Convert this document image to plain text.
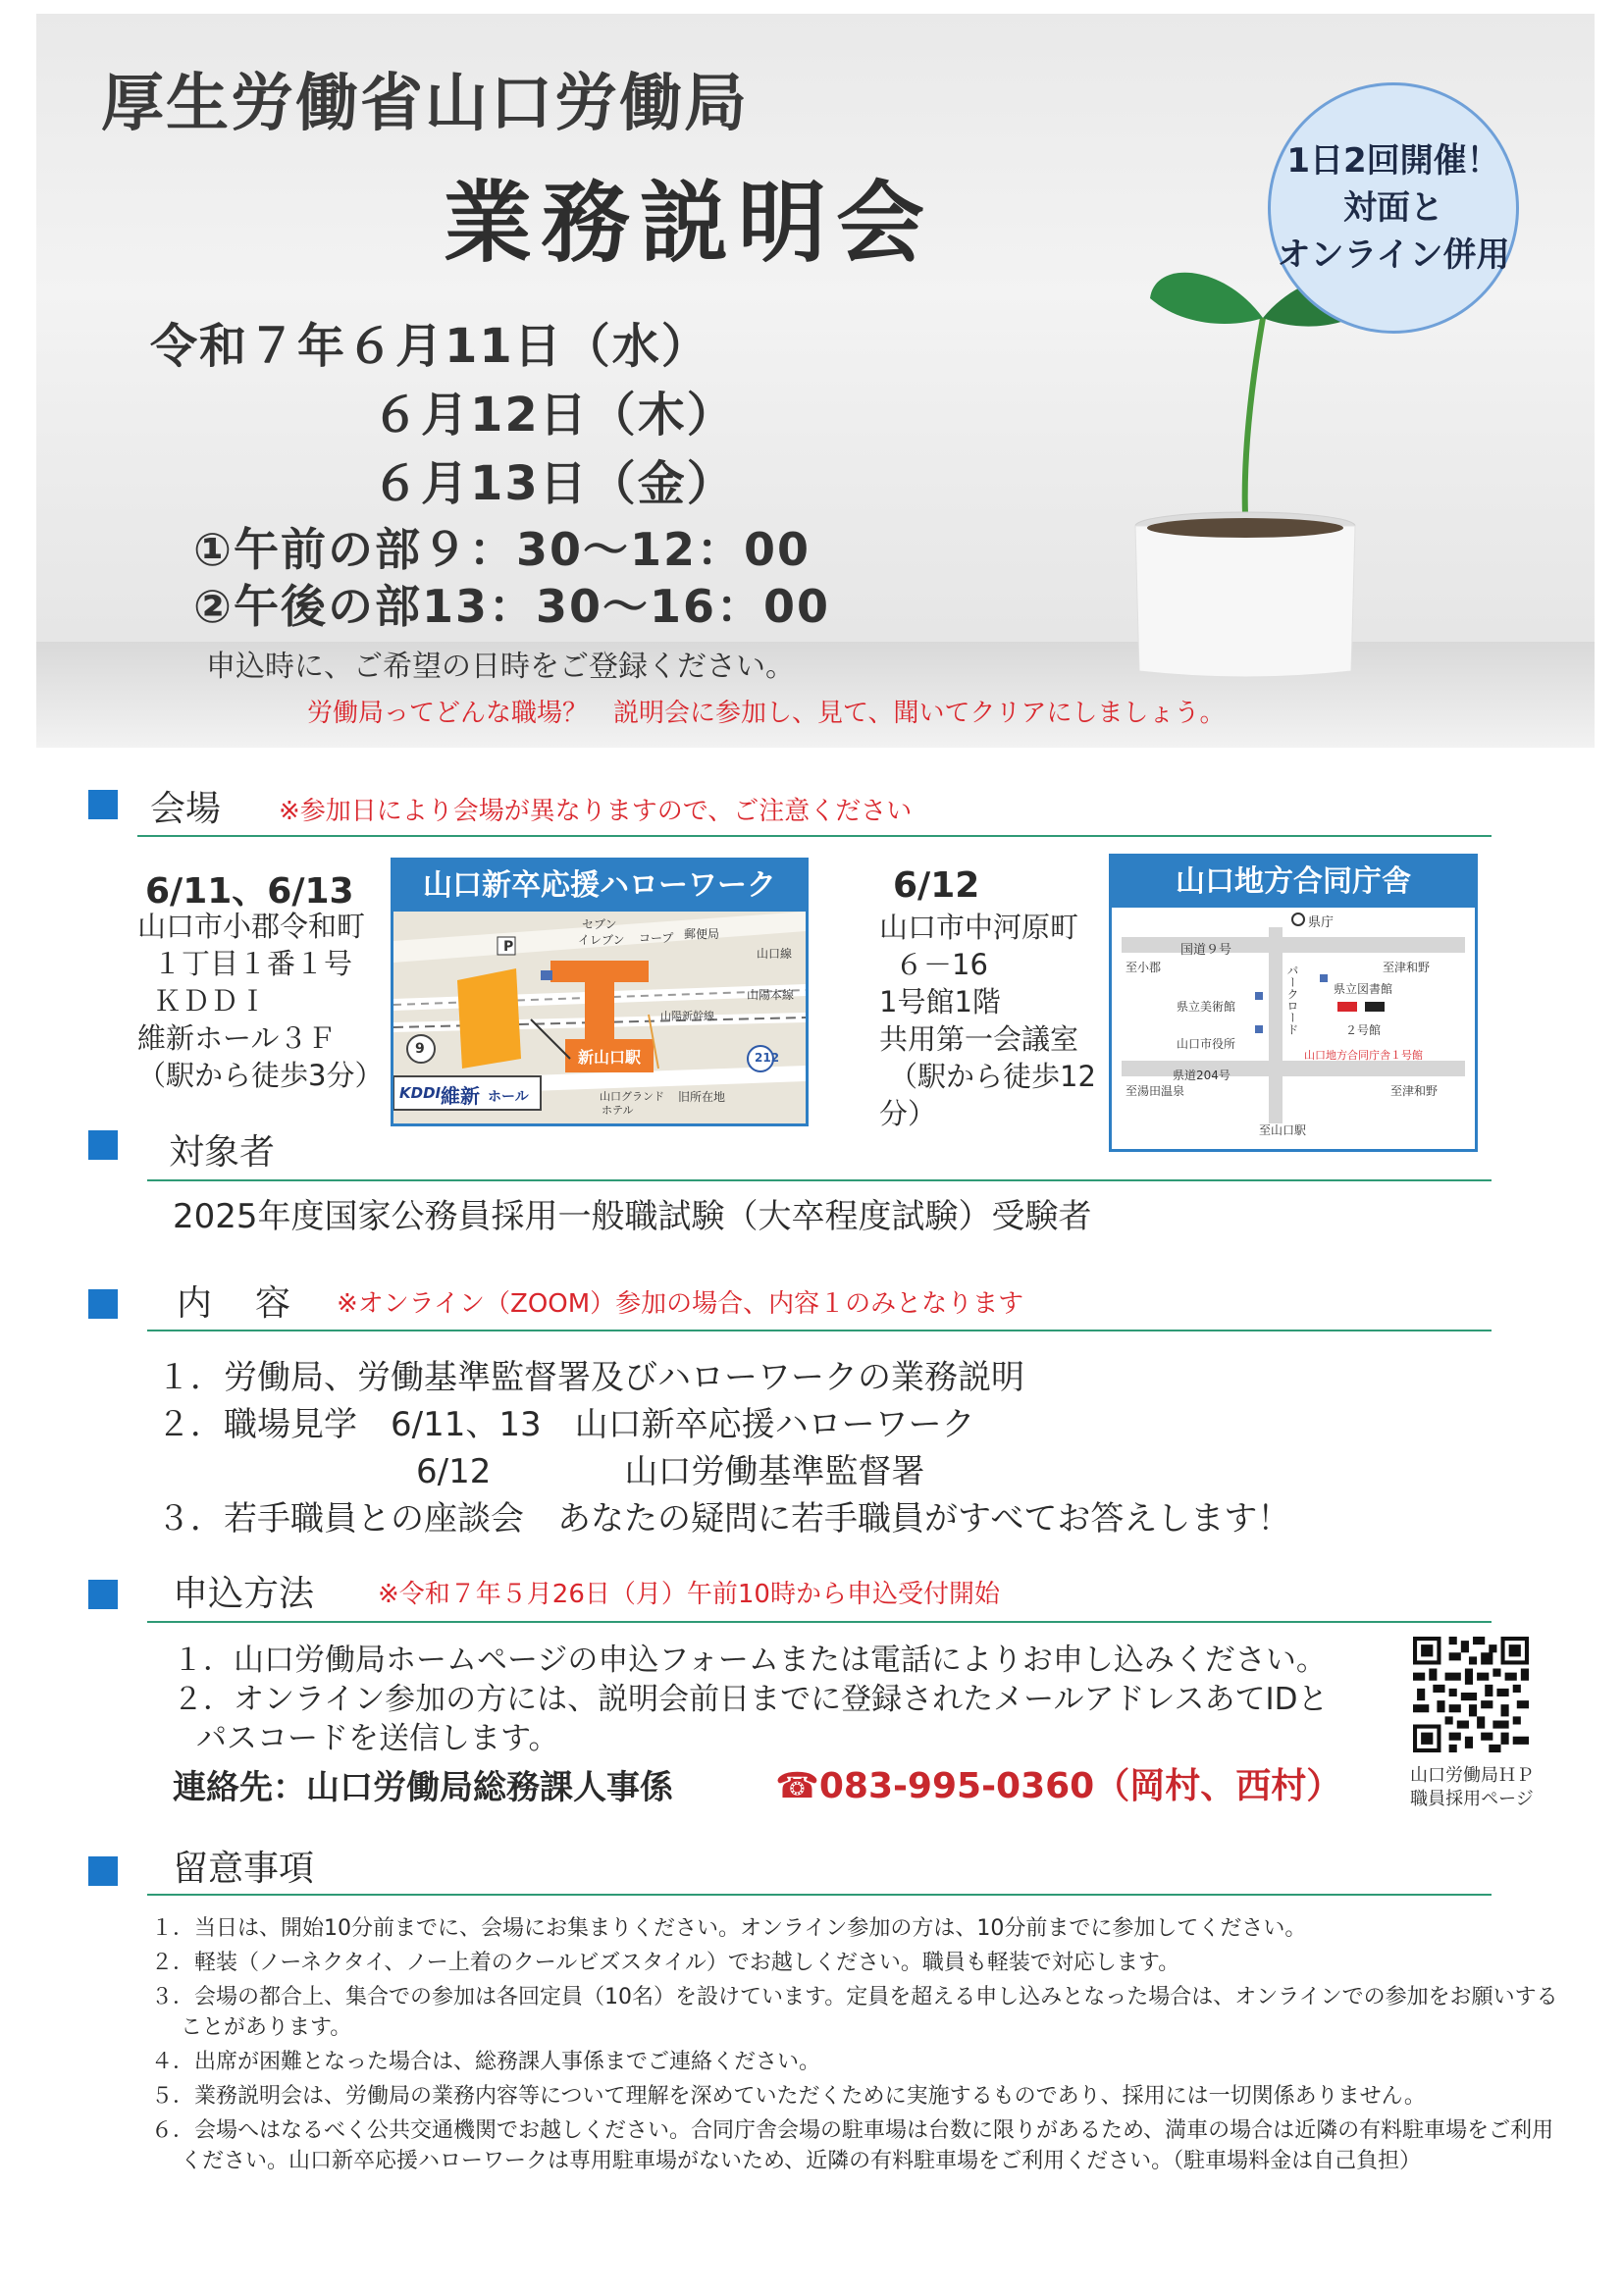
厚生労働省山口労働局
業務説明会
令和７年６月11日（水）
６月12日（木）
６月13日（金）
①午前の部９：30～12：00
②午後の部13：30～16：00
申込時に、ご希望の日時をご登録ください。
労働局ってどんな職場？　説明会に参加し、見て、聞いてクリアにしましょう。
1日2回開催！
対面と
オンライン併用
会場 ※参加日により会場が異なりますので、ご注意ください
6/11、6/13
山口市小郡令和町
１丁目１番１号
ＫＤＤＩ
維新ホール３Ｆ
（駅から徒歩3分）
山口新卒応援ハローワーク
P
9
212
セブン
イレブン コープ 郵便局
山口線
山陽新幹線
山陽本線
新山口駅
山口グランド
ホテル
旧所在地
KDDI 維新 ホール
6/12
山口市中河原町
６－16
1号館1階
共用第一会議室
（駅から徒歩12
分）
山口地方合同庁舎
県庁
国道９号
至小郡	至津和野
パークロード	県立図書館
県立美術館
２号館
山口市役所
山口地方合同庁舎１号館
県道204号
至湯田温泉	至津和野
至山口駅
対象者
2025年度国家公務員採用一般職試験（大卒程度試験）受験者
内　容 ※オンライン（ZOOM）参加の場合、内容１のみとなります
１．労働局、労働基準監督署及びハローワークの業務説明
２．職場見学　6/11、13　山口新卒応援ハローワーク
6/12　　　　山口労働基準監督署
３．若手職員との座談会　あなたの疑問に若手職員がすべてお答えします！
申込方法 ※令和７年５月26日（月）午前10時から申込受付開始
１．山口労働局ホームページの申込フォームまたは電話によりお申し込みください。
２．オンライン参加の方には、説明会前日までに登録されたメールアドレスあてIDと
パスコードを送信します。
連絡先：山口労働局総務課人事係	☎083-995-0360（岡村、西村）	山口労働局ＨＰ
職員採用ページ
留意事項
１．当日は、開始10分前までに、会場にお集まりください。オンライン参加の方は、10分前までに参加してください。
２．軽装（ノーネクタイ、ノー上着のクールビズスタイル）でお越しください。職員も軽装で対応します。
３．会場の都合上、集合での参加は各回定員（10名）を設けています。定員を超える申し込みとなった場合は、オンラインでの参加をお願いすることがあります。
４．出席が困難となった場合は、総務課人事係までご連絡ください。
５．業務説明会は、労働局の業務内容等について理解を深めていただくために実施するものであり、採用には一切関係ありません。
６．会場へはなるべく公共交通機関でお越しください。合同庁舎会場の駐車場は台数に限りがあるため、満車の場合は近隣の有料駐車場をご利用ください。山口新卒応援ハローワークは専用駐車場がないため、近隣の有料駐車場をご利用ください。（駐車場料金は自己負担）
